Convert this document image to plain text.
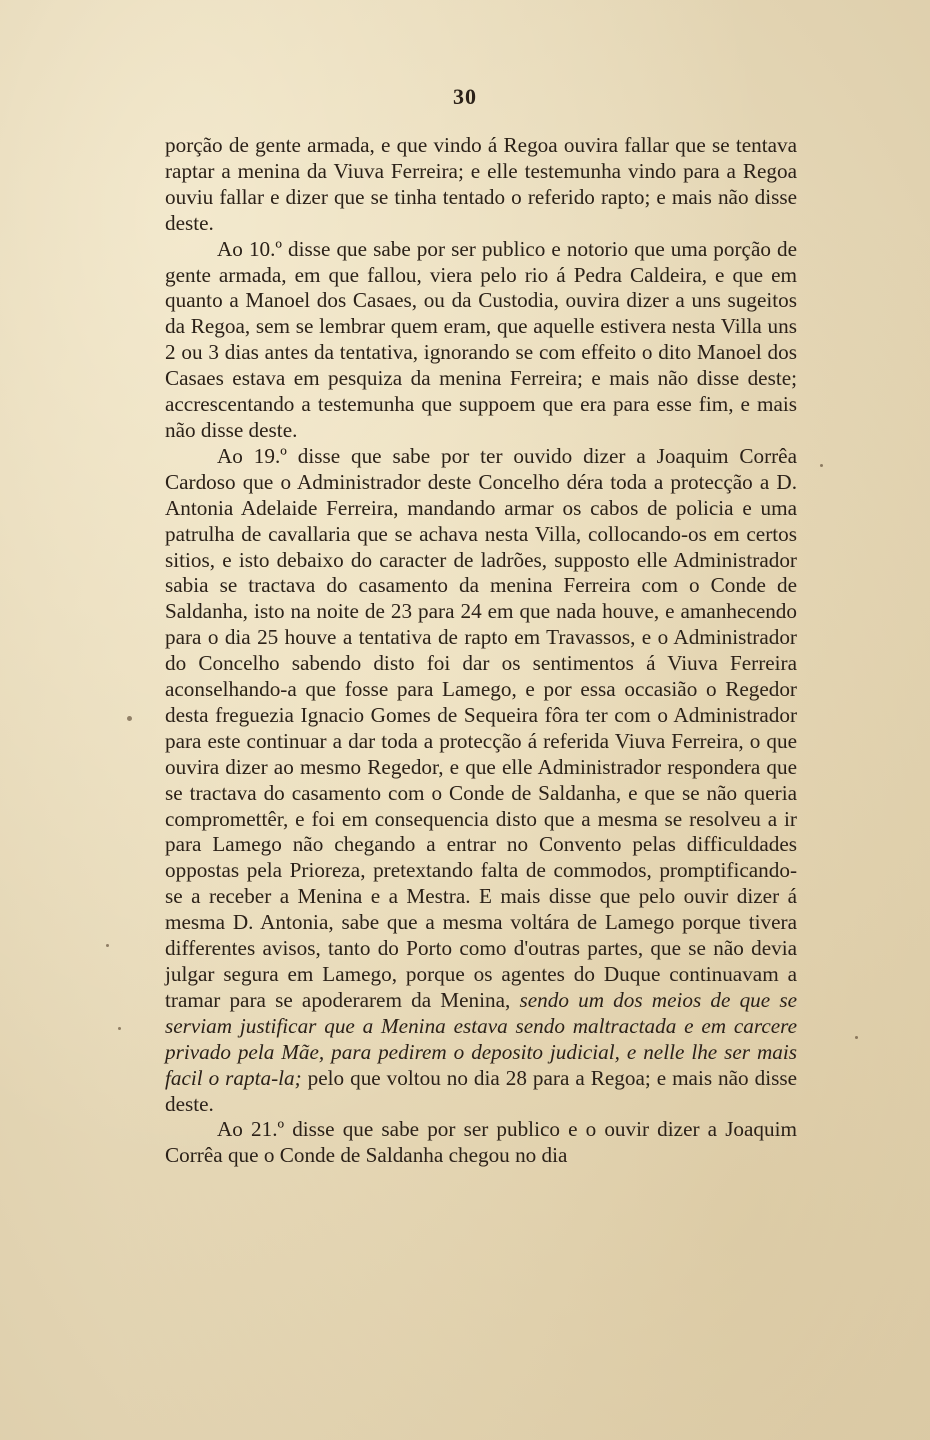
30

porção de gente armada, e que vindo á Regoa ouvira fallar que se tentava raptar a menina da Viuva Ferreira; e elle testemunha vindo para a Regoa ouviu fallar e dizer que se tinha tentado o referido rapto; e mais não disse deste.

Ao 10.º disse que sabe por ser publico e notorio que uma porção de gente armada, em que fallou, viera pelo rio á Pedra Caldeira, e que em quanto a Manoel dos Casaes, ou da Custodia, ouvira dizer a uns sugeitos da Regoa, sem se lembrar quem eram, que aquelle estivera nesta Villa uns 2 ou 3 dias antes da tentativa, ignorando se com effeito o dito Manoel dos Casaes estava em pesquiza da menina Ferreira; e mais não disse deste; accrescentando a testemunha que suppoem que era para esse fim, e mais não disse deste.

Ao 19.º disse que sabe por ter ouvido dizer a Joaquim Corrêa Cardoso que o Administrador deste Concelho déra toda a protecção a D. Antonia Adelaide Ferreira, mandando armar os cabos de policia e uma patrulha de cavallaria que se achava nesta Villa, collocando-os em certos sitios, e isto debaixo do caracter de ladrões, supposto elle Administrador sabia se tractava do casamento da menina Ferreira com o Conde de Saldanha, isto na noite de 23 para 24 em que nada houve, e amanhecendo para o dia 25 houve a tentativa de rapto em Travassos, e o Administrador do Concelho sabendo disto foi dar os sentimentos á Viuva Ferreira aconselhando-a que fosse para Lamego, e por essa occasião o Regedor desta freguezia Ignacio Gomes de Sequeira fôra ter com o Administrador para este continuar a dar toda a protecção á referida Viuva Ferreira, o que ouvira dizer ao mesmo Regedor, e que elle Administrador respondera que se tractava do casamento com o Conde de Saldanha, e que se não queria compromettêr, e foi em consequencia disto que a mesma se resolveu a ir para Lamego não chegando a entrar no Convento pelas difficuldades oppostas pela Prioreza, pretextando falta de commodos, promptificando-se a receber a Menina e a Mestra. E mais disse que pelo ouvir dizer á mesma D. Antonia, sabe que a mesma voltára de Lamego porque tivera differentes avisos, tanto do Porto como d'outras partes, que se não devia julgar segura em Lamego, porque os agentes do Duque continuavam a tramar para se apoderarem da Menina, sendo um dos meios de que se serviam justificar que a Menina estava sendo maltractada e em carcere privado pela Mãe, para pedirem o deposito judicial, e nelle lhe ser mais facil o rapta-la; pelo que voltou no dia 28 para a Regoa; e mais não disse deste.

Ao 21.º disse que sabe por ser publico e o ouvir dizer a Joaquim Corrêa que o Conde de Saldanha chegou no dia
